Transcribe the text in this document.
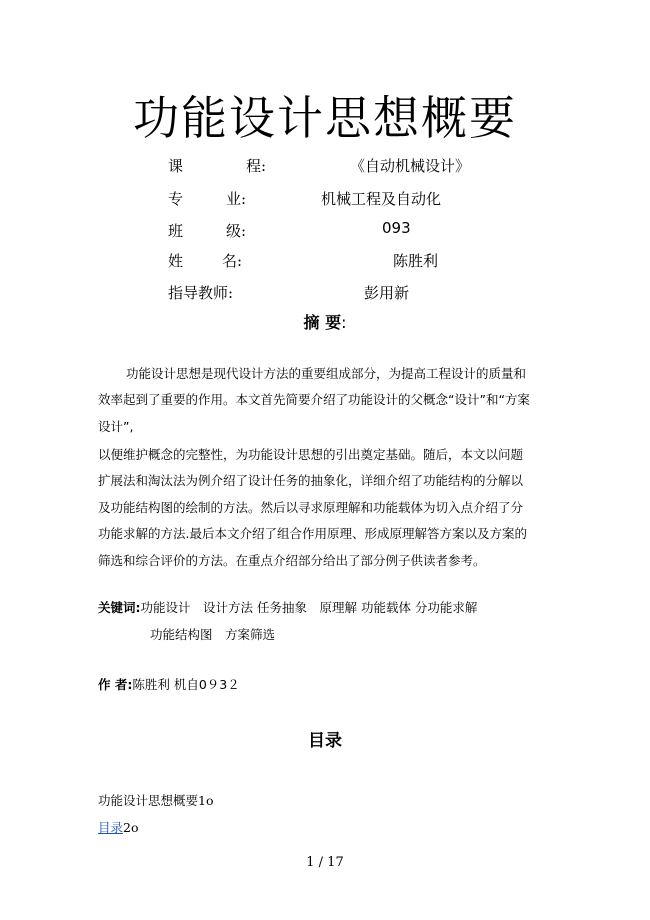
功能设计思想概要
课	程:	《自动机械设计》
专	业:	机械工程及自动化
班	级:	093
姓	名:	陈胜利
指导教师:	彭用新
摘 要:
功能设计思想是现代设计方法的重要组成部分，为提高工程设计的质量和
效率起到了重要的作用。本文首先简要介绍了功能设计的父概念“设计”和“方案
设计”,
以便维护概念的完整性，为功能设计思想的引出奠定基础。随后，本文以问题
扩展法和淘汰法为例介绍了设计任务的抽象化，详细介绍了功能结构的分解以
及功能结构图的绘制的方法。然后以寻求原理解和功能载体为切入点介绍了分
功能求解的方法.最后本文介绍了组合作用原理、形成原理解答方案以及方案的
筛选和综合评价的方法。在重点介绍部分给出了部分例子供读者参考。
关键词:功能设计　设计方法 任务抽象　原理解 功能载体 分功能求解
功能结构图　方案筛选
作 者:陈胜利 机自0９3２
目录
功能设计思想概要1o
目录2o
1 / 17
